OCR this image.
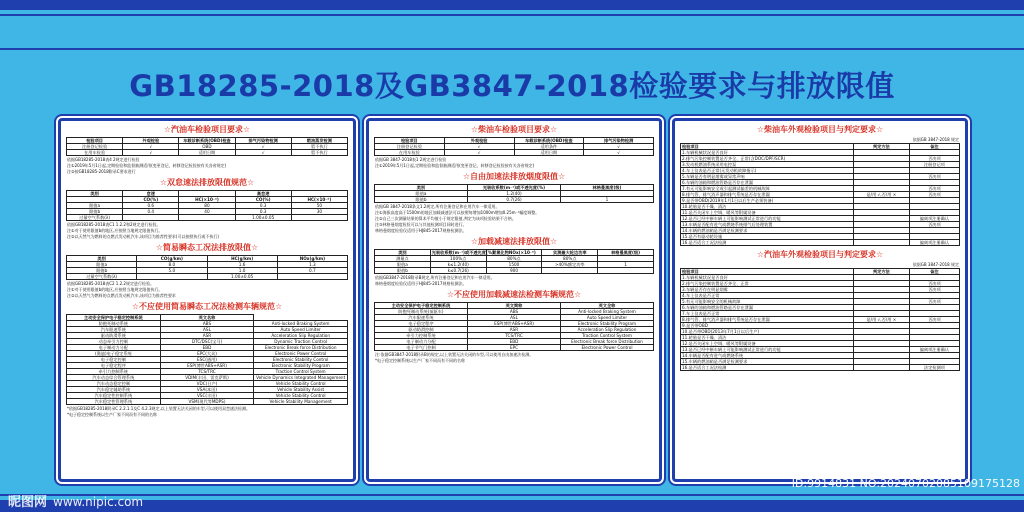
GB18285-2018及GB3847-2018检验要求与排放限值
☆汽油车检验项目要求☆
检验项目	外观检验	车载诊断系统(OBD)检查	排气污染物检测	燃油蒸发检测
注册登记检验	√	OBD	√	暂不执行
在用车检验	√	适用日期	√	暂不执行
依据GB18285-2018表4 2规定进行检验
注①2019年5月1日起,定期检验和监督抽测适用(变更登记、转移登记检验按有关各省规定)
注②按GB18285-2018附录C要求进行
☆双怠速法排放限值规范☆
类别	怠速		高怠速	
	CO(%)	HC(×10⁻⁶)	CO(%)	HC(×10⁻⁶)
限值a	0.6	80	0.3	50
限值b	0.4	40	0.3	30
过量空气系数(λ)			1.00±0.05	
依据GB18285-2018表C1 1.2.2和2规定进行检验。
注①对于使用限值b的地区,应按照当地规定限值执行。
注②以天然气为燃料的点燃式发动机汽车,该项目为推荐性要求(可以按照执行或不执行)
☆简易瞬态工况法排放限值☆
类别	CO(g/km)	HC(g/km)	NOx(g/km)
限值a	8.0	1.6	1.3
限值b	5.0	1.0	0.7
过量空气系数(λ)		1.00±0.05	
依据GB18285-2018表C2 1.2.2规定进行检验。
注①对于使用限值b的地区,应按照当地规定限值执行。
注②以天然气为燃料的点燃式发动机汽车,该项目为推荐性要求
☆不应使用简易瞬态工况法检测车辆规范☆
主动安全保护电子稳定控制系统	英文名称	
防抱死制动系统	ABS	Anti-locked Braking System
汽车限速系统	ASL	Auto Speed Limiter
驱动防滑系统	ASR	Acceleration Slip Regulation
动态牵引力控制	DTC/DSC(宝马)	Dynamic Traction Control
电子制动力分配	EBD	Electronic Break force Distribution
(奥迪)电子稳定系统	EPC(大众)	Electronic Power Control
电子稳定控制	ESC(通用)	Electronic Stability Control
电子稳定程序	ESP(博世ABS+ASR)	Electronic Stability Program
牵引力控制系统	TCS/TRC	Traction Control System
汽车动态综合管理系统	VDIM(丰田、雷克萨斯)	Vehicle Dynamics Integrated Management
汽车动态稳定控制	VDC(日产)	Vehicle Stability Control
汽车稳定辅助系统	VSA(本田)	Vehicle Stability Assist
汽车稳定性控制系统	VSC(丰田)	Vehicle Stability Control
汽车稳定性管理系统	VSM(现代等MDPS)	Vehicle Stability Management
*依据GB18285-2018附录C 2.2.1.1及C 4.2.3规定,以上装置无法关闭的车型,可以使用双怠速法检测。
*电子稳定控制系统以生产厂家不同而有不同的名称
☆柴油车检验项目要求☆
检验项目	外观检验	车载诊断系统(OBD)检查	排气污染物检测
注册登记检验	√	适用条件	√
在用车检验	√	适用日期	√
依据GB 3847-2018表1 2规定进行检验
注①2019年5月1日起,定期检验和监督抽测适用(变更登记、转移登记检验按有关各省规定)
☆自由加速法排放烟度限值☆
类别	光吸收系数(m⁻¹)或不透光度(%)	林格曼黑度(级)
限值a	1.2(40)	
限值b	0.7(26)	1
依据GB 3847-2018条文1.2规定,所有注册登记和在用汽车一律适用。
注①海拔高度高于1500m的地区加载减速法可以按照每增加1000m增加0.25m⁻¹幅度调整。
注②自己三次测量结果的算术平均值小于规定限值,判定为该项检验结果不合格。
注③林格曼烟度检验可以与其他检测项目同时进行。
林格曼烟度检验仅适用于HJ845-2017规格检测法。
☆加载减速法排放限值☆
类别	光吸收系数(m⁻¹)或不透光度(%)	氮氧化物NOx(×10⁻⁶)	实测最大轮边功率	林格曼黑度(级)
测量点	100%点	80%点	80%点	
限值a	k≤1.2(40)	1500	>40%额定功率	1
限值b	k≤0.7(26)	900		
依据GB3847-2018附录B规定,所有注册登记和在用汽车一律适用。
林格曼烟度检验仅适用于HJ845-2017规格检测法。
☆不应使用加载减速法检测车辆规范☆
主动安全保护电子稳定控制系统	英文简称	英文全称
防抱死制动系统(前驱车)	ABS	Anti-locked Braking System
汽车限速系统	ASL	Auto Speed Limiter
电子稳定程序	ESP(博世ABS+ASR)	Electronic Stability Program
驱动防滑控制	ASR	Acceleration Slip Regulation
牵引力控制系统	TCS/TRC	Traction Control System
电子制动力分配	EBD	Electronic Break force Distribution
电子节气门控制	EPC	Electronic Power Control
注:依据GB3847-2018附录B的规定,以上装置无法关闭的车型,可以使用自由加速法检测。
*电子稳定控制系统以生产厂家不同而有不同的名称
☆柴油车外观检验项目与判定要求☆
依据GB 3847-2018 规定
检验项目	判定方法	备注
1.车辆机械状况是否良好		
2.排气污染控制装置是否齐全、正常(含DOC/DPF/SCR)		否决项
3.发动机燃油系统采用电控泵		注册登记项
4.车上仪表是否正常(无发动机故障指示)		
5.车辆是否有明显烟雾或异常声响		否决项
6.车辆的油箱和燃油管路是否存在泄漏		
7.有无可能影响安全或引起测试偏差的机械故障		否决项
8.排气管、排气消声器和排气系统是否存在泄漏	是/用 √,否/用 ×	否决项
9.是否带OBD(2019年1月1日以后生产必须装备)		
10.轮胎是否干燥、清洁		
11.是否关闭车上空调、暖风等附属设备		
12.是否已经中断车辆上可能影响测试正常进行的功能		偏离项注册确认
13.车辆是否配有进气或燃烧系统排气后处理装置		否决项
14.车辆的燃油箱是否满足检测要求		
15.是否有驱动轮设施		
16.是否适合工况法检测		偏离项注册确认
☆汽油车外观检验项目与判定要求☆
依据GB 3847-2018 规定
检验项目	判定方法	备注
1.车辆机械状况是否良好		
2.排气污染控制装置是否齐全、正常		否决项
3.车辆是否存在明显烟雾		否决项
4.车上仪表是否正常		
5.有无可能影响安全的机械故障		否决项
6.车辆的油箱和燃油管路是否存在泄漏		
7.车上仪表是否正常		
8.排气管、排气消声器和排气系统是否存在泄漏	是/用 √,否/用 ×	否决项
9.是否带OBD		
10.是否带OBD(2013年7月1日以后生产)		
11.轮胎是否干燥、清洁		
12.是否关闭车上空调、暖风等附属设备		
13.是否已经中断车辆上可能影响测试正常进行的功能		偏离项注册确认
14.车辆是否配有进气或燃烧系统		
15.车辆的燃油箱是否满足检测要求		
16.是否适合工况法检测		法定检测项
昵图网 www.nipic.com
ID:9914831 NO:20240702085109175128
